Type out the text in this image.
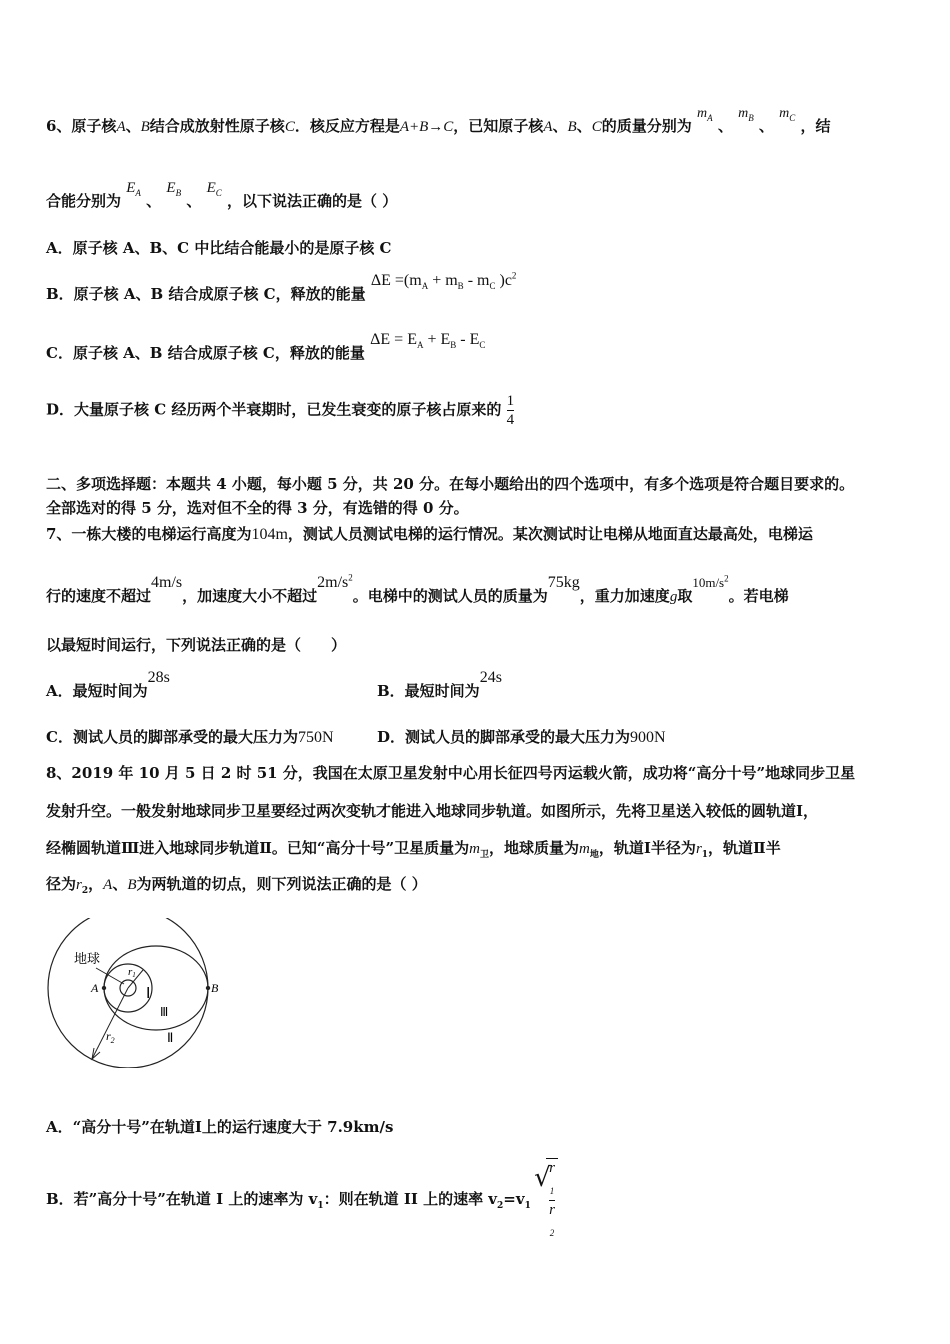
6、原子核A、B结合成放射性原子核C．核反应方程是A+B→C，已知原子核A、B、C的质量分别为 $m_A$ 、 $m_B$ 、 $m_C$ ，结
合能分别为 $E_A$ 、 $E_B$ 、 $E_C$ ，以下说法正确的是（ ）
A．原子核 A、B、C 中比结合能最小的是原子核 C
B．原子核 A、B 结合成原子核 C，释放的能量 $\Delta E =(m_A + m_B - m_C$ )$c^2$
C．原子核 A、B 结合成原子核 C，释放的能量 $\Delta E = E_A + E_B - E_C$
D．大量原子核 C 经历两个半衰期时，已发生衰变的原子核占原来的 $\frac{1}{4}$
二、多项选择题：本题共 4 小题，每小题 5 分，共 20 分。在每小题给出的四个选项中，有多个选项是符合题目要求的。
全部选对的得 5 分，选对但不全的得 3 分，有选错的得 0 分。
7、一栋大楼的电梯运行高度为104m，测试人员测试电梯的运行情况。某次测试时让电梯从地面直达最高处，电梯运
行的速度不超过4m/s，加速度大小不超过$2m/s^2$。电梯中的测试人员的质量为75kg，重力加速度g取$10m/s^2$。若电梯
以最短时间运行，下列说法正确的是（　　）
A．最短时间为28s
B．最短时间为24s
C．测试人员的脚部承受的最大压力为750N	D．测试人员的脚部承受的最大压力为900N
8、2019 年 10 月 5 日 2 时 51 分，我国在太原卫星发射中心用长征四号丙运载火箭，成功将“高分十号”地球同步卫星
发射升空。一般发射地球同步卫星要经过两次变轨才能进入地球同步轨道。如图所示，先将卫星送入较低的圆轨道Ⅰ，
经椭圆轨道Ⅲ进入地球同步轨道Ⅱ。已知“高分十号”卫星质量为$m_卫$，地球质量为$m_地$，轨道Ⅰ半径为$r_1$，轨道Ⅱ半
径为$r_2$，A、B为两轨道的切点，则下列说法正确的是（ ）
地球
A	B
r1
$r_2$
Ⅰ
Ⅲ
Ⅱ
A．“高分十号”在轨道Ⅰ上的运行速度大于 7.9km/s
B．若”高分十号”在轨道 I 上的速率为 $v_1$：则在轨道 II 上的速率 $v_2=v_1$
√ r
$_1$
r
$_2$
